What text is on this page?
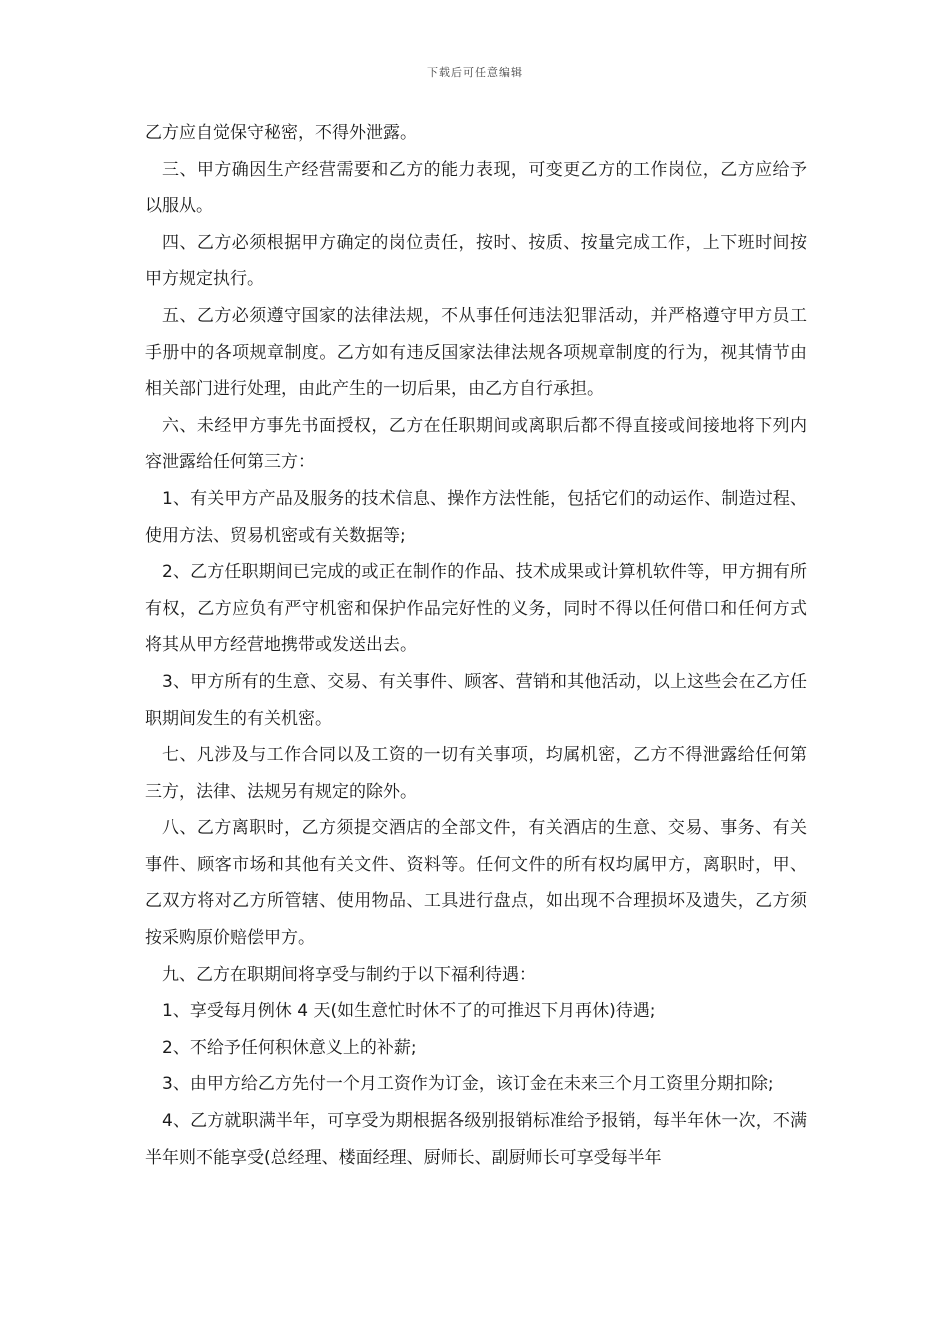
下载后可任意编辑

乙方应自觉保守秘密，不得外泄露。

三、甲方确因生产经营需要和乙方的能力表现，可变更乙方的工作岗位，乙方应给予以服从。

四、乙方必须根据甲方确定的岗位责任，按时、按质、按量完成工作，上下班时间按甲方规定执行。

五、乙方必须遵守国家的法律法规，不从事任何违法犯罪活动，并严格遵守甲方员工手册中的各项规章制度。乙方如有违反国家法律法规各项规章制度的行为，视其情节由相关部门进行处理，由此产生的一切后果，由乙方自行承担。

六、未经甲方事先书面授权，乙方在任职期间或离职后都不得直接或间接地将下列内容泄露给任何第三方：

1、有关甲方产品及服务的技术信息、操作方法性能，包括它们的动运作、制造过程、使用方法、贸易机密或有关数据等;

2、乙方任职期间已完成的或正在制作的作品、技术成果或计算机软件等，甲方拥有所有权，乙方应负有严守机密和保护作品完好性的义务，同时不得以任何借口和任何方式将其从甲方经营地携带或发送出去。

3、甲方所有的生意、交易、有关事件、顾客、营销和其他活动，以上这些会在乙方任职期间发生的有关机密。

七、凡涉及与工作合同以及工资的一切有关事项，均属机密，乙方不得泄露给任何第三方，法律、法规另有规定的除外。

八、乙方离职时，乙方须提交酒店的全部文件，有关酒店的生意、交易、事务、有关事件、顾客市场和其他有关文件、资料等。任何文件的所有权均属甲方，离职时，甲、乙双方将对乙方所管辖、使用物品、工具进行盘点，如出现不合理损坏及遗失，乙方须按采购原价赔偿甲方。

九、乙方在职期间将享受与制约于以下福利待遇：

1、享受每月例休 4 天(如生意忙时休不了的可推迟下月再休)待遇;

2、不给予任何积休意义上的补薪;

3、由甲方给乙方先付一个月工资作为订金，该订金在未来三个月工资里分期扣除;

4、乙方就职满半年，可享受为期根据各级别报销标准给予报销，每半年休一次，不满半年则不能享受(总经理、楼面经理、厨师长、副厨师长可享受每半年
